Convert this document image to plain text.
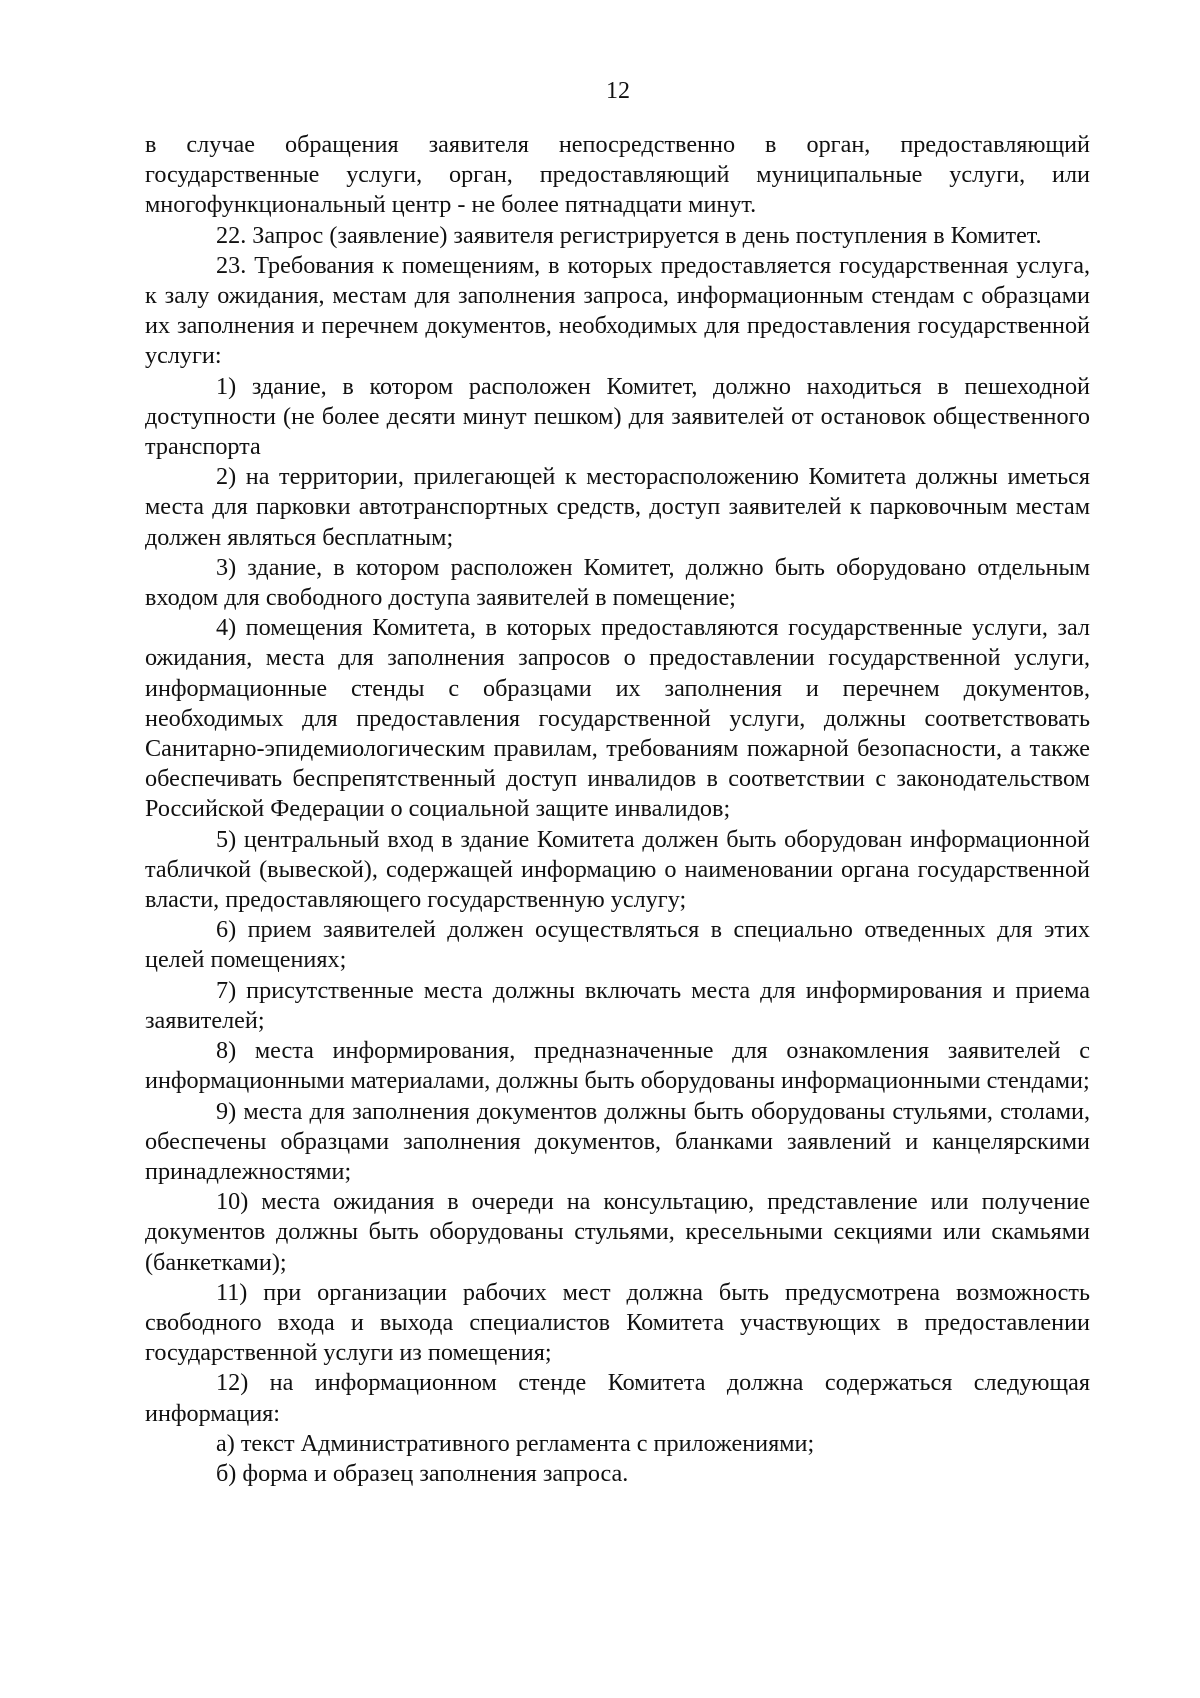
12

в случае обращения заявителя непосредственно в орган, предоставляющий государственные услуги, орган, предоставляющий муниципальные услуги, или многофункциональный центр - не более пятнадцати минут.

22. Запрос (заявление) заявителя регистрируется в день поступления в Комитет.

23. Требования к помещениям, в которых предоставляется государственная услуга, к залу ожидания, местам для заполнения запроса, информационным стендам с образцами их заполнения и перечнем документов, необходимых для предоставления государственной услуги:

1) здание, в котором расположен Комитет, должно находиться в пешеходной доступности (не более десяти минут пешком) для заявителей от остановок общественного транспорта

2) на территории, прилегающей к месторасположению Комитета должны иметься места для парковки автотранспортных средств, доступ заявителей к парковочным местам должен являться бесплатным;

3) здание, в котором расположен Комитет, должно быть оборудовано отдельным входом для свободного доступа заявителей в помещение;

4) помещения Комитета, в которых предоставляются государственные услуги, зал ожидания, места для заполнения запросов о предоставлении государственной услуги, информационные стенды с образцами их заполнения и перечнем документов, необходимых для предоставления государственной услуги, должны соответствовать Санитарно-эпидемиологическим правилам, требованиям пожарной безопасности, а также обеспечивать беспрепятственный доступ инвалидов в соответствии с законодательством Российской Федерации о социальной защите инвалидов;

5) центральный вход в здание Комитета должен быть оборудован информационной табличкой (вывеской), содержащей информацию о наименовании органа государственной власти, предоставляющего государственную услугу;

6) прием заявителей должен осуществляться в специально отведенных для этих целей помещениях;

7) присутственные места должны включать места для информирования и приема заявителей;

8) места информирования, предназначенные для ознакомления заявителей с информационными материалами, должны быть оборудованы информационными стендами;

9) места для заполнения документов должны быть оборудованы стульями, столами, обеспечены образцами заполнения документов, бланками заявлений и канцелярскими принадлежностями;

10) места ожидания в очереди на консультацию, представление или получение документов должны быть оборудованы стульями, кресельными секциями или скамьями (банкетками);

11) при организации рабочих мест должна быть предусмотрена возможность свободного входа и выхода специалистов Комитета участвующих в предоставлении государственной услуги из помещения;

12) на информационном стенде Комитета должна содержаться следующая информация:

а) текст Административного регламента с приложениями;

б) форма и образец заполнения запроса.
